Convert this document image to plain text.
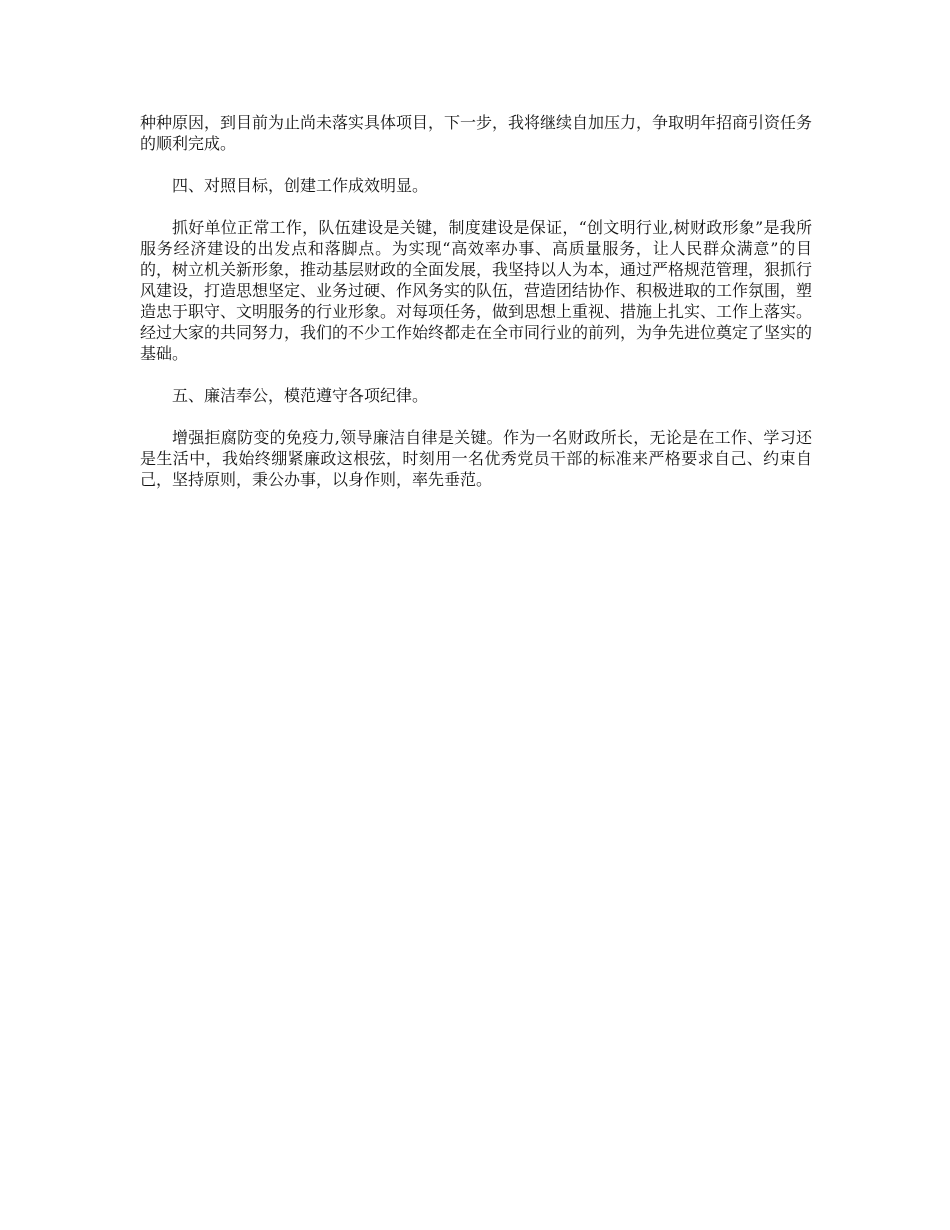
种种原因，到目前为止尚未落实具体项目，下一步，我将继续自加压力，争取明年招商引资任务的顺利完成。

四、对照目标，创建工作成效明显。

抓好单位正常工作，队伍建设是关键，制度建设是保证，“创文明行业,树财政形象”是我所服务经济建设的出发点和落脚点。为实现“高效率办事、高质量服务，让人民群众满意”的目的，树立机关新形象，推动基层财政的全面发展，我坚持以人为本，通过严格规范管理，狠抓行风建设，打造思想坚定、业务过硬、作风务实的队伍，营造团结协作、积极进取的工作氛围，塑造忠于职守、文明服务的行业形象。对每项任务，做到思想上重视、措施上扎实、工作上落实。经过大家的共同努力，我们的不少工作始终都走在全市同行业的前列，为争先进位奠定了坚实的基础。

五、廉洁奉公，模范遵守各项纪律。

增强拒腐防变的免疫力,领导廉洁自律是关键。作为一名财政所长，无论是在工作、学习还是生活中，我始终绷紧廉政这根弦，时刻用一名优秀党员干部的标准来严格要求自己、约束自己，坚持原则，秉公办事，以身作则，率先垂范。
